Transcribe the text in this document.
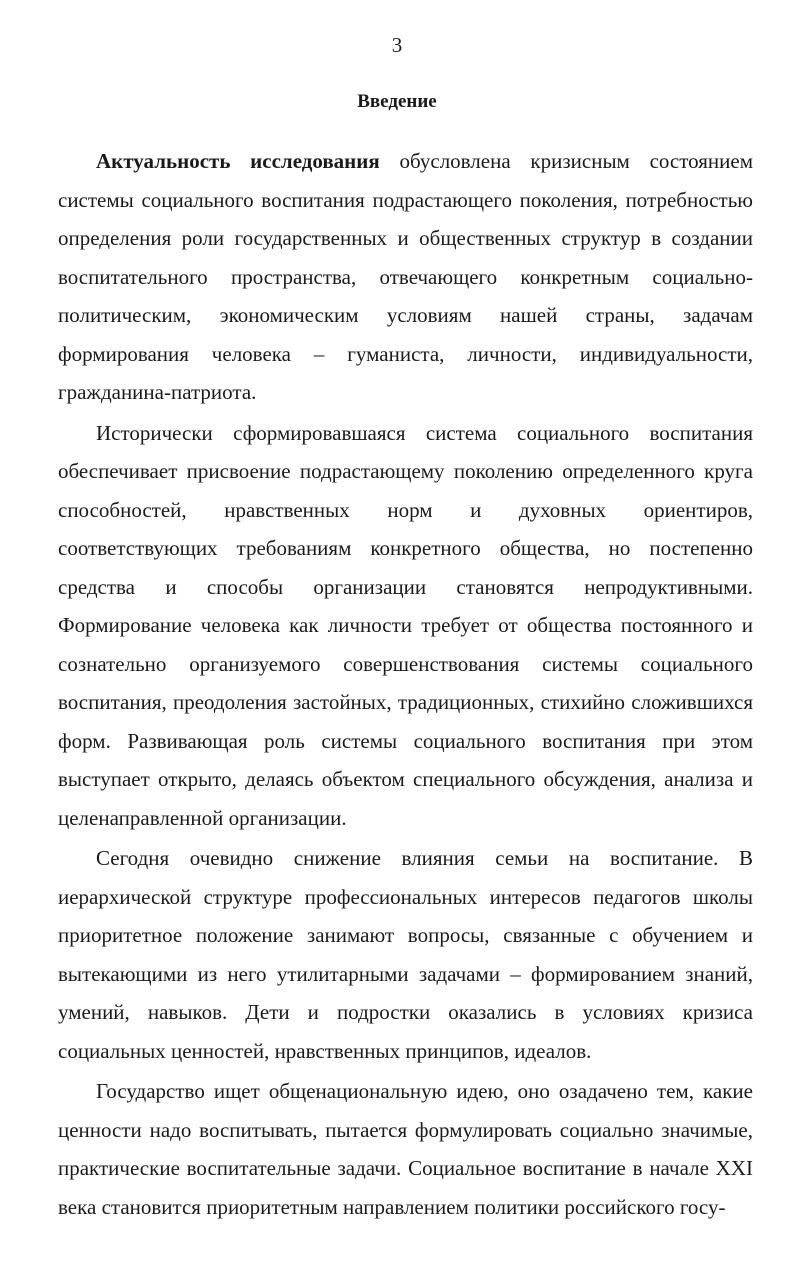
3
Введение

Актуальность исследования обусловлена кризисным состоянием системы социального воспитания подрастающего поколения, потребностью определения роли государственных и общественных структур в создании воспитательного пространства, отвечающего конкретным социально-политическим, экономическим условиям нашей страны, задачам формирования человека – гуманиста, личности, индивидуальности, гражданина-патриота.

Исторически сформировавшаяся система социального воспитания обеспечивает присвоение подрастающему поколению определенного круга способностей, нравственных норм и духовных ориентиров, соответствующих требованиям конкретного общества, но постепенно средства и способы организации становятся непродуктивными. Формирование человека как личности требует от общества постоянного и сознательно организуемого совершенствования системы социального воспитания, преодоления застойных, традиционных, стихийно сложившихся форм. Развивающая роль системы социального воспитания при этом выступает открыто, делаясь объектом специального обсуждения, анализа и целенаправленной организации.

Сегодня очевидно снижение влияния семьи на воспитание. В иерархической структуре профессиональных интересов педагогов школы приоритетное положение занимают вопросы, связанные с обучением и вытекающими из него утилитарными задачами – формированием знаний, умений, навыков. Дети и подростки оказались в условиях кризиса социальных ценностей, нравственных принципов, идеалов.

Государство ищет общенациональную идею, оно озадачено тем, какие ценности надо воспитывать, пытается формулировать социально значимые, практические воспитательные задачи. Социальное воспитание в начале XXI века становится приоритетным направлением политики российского госу-
